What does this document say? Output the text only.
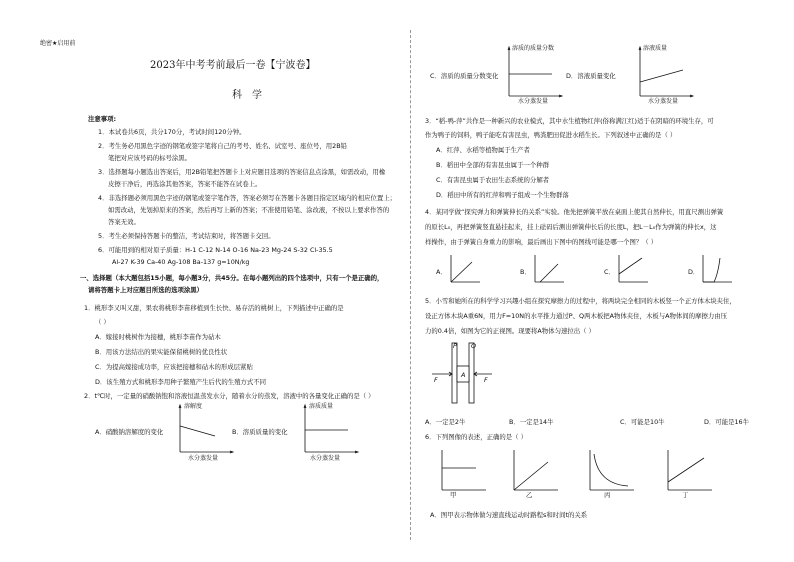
绝密★启用前
2023年中考考前最后一卷【宁波卷】
科学
注意事项:
1．本试卷共6页，共分170分，考试时间120分钟。
2．考生务必用黑色字迹的钢笔或签字笔将自己的考号、姓名、试室号、座位号，用2B铅
笔把对应该号码的标号涂黑。
3．选择题每小题选出答案后，用2B铅笔把答题卡上对应题目选项的答案信息点涂黑，如需改动，用橡
皮擦干净后，再选涂其他答案，答案不能答在试卷上。
4．非选择题必须用黑色字迹的钢笔或签字笔作答，答案必须写在答题卡各题目指定区域内的相应位置上；
如需改动，先划掉原来的答案，然后再写上新的答案；不准使用铅笔、涂改液，不按以上要求作答的
答案无效。
5．考生必须保持答题卡的整洁，考试结束时，将答题卡交回。
6．可能用到的相对原子质量：H-1 C-12 N-14 O-16 Na-23 Mg-24 S-32 Cl-35.5
Al-27 K-39 Ca-40 Ag-108 Ba-137 g=10N/kg
一、选择题（本大题包括15小题，每小题3分，共45分。在每小题列出的四个选项中，只有一个是正确的，
请将答题卡上对应题目所选的选项涂黑）
1．桃形李又叫又甜，果农将桃形李苗移植到生长快、易存活的桃树上，下列描述中正确的是
（ ）
A．嫁接时桃树作为接穗，桃形李苗作为砧木
B．用该方法结出的果实能保留桃树的优良性状
C．为提高嫁接成功率，应该把接穗和砧木的形成层紧贴
D．该生殖方式和桃形李用种子繁殖产生后代的生殖方式不同
2．t℃时，一定量的硝酸钠饱和溶液恒温蒸发水分，随着水分的蒸发，溶液中的各量变化正确的是（ ）
A．硝酸钠溶解度的变化	B．溶质质量的变化
溶解度
水分蒸发量
溶质质量
水分蒸发量
溶质的质量分数
水分蒸发量
溶液质量
水分蒸发量
C．溶质的质量分数变化	D．溶液质量变化
3．“稻-鸭-萍”共作是一种新兴的农业模式，其中水生植物红萍(俗称满江红)适于在阴暗的环境生存，可
作为鸭子的饲料，鸭子能吃有害昆虫，鸭粪肥田促进水稻生长。下列叙述中正确的是（ ）
A．红萍、水稻等植物属于生产者
B．稻田中全部的有害昆虫属于一个种群
C．有害昆虫属于农田生态系统的分解者
D．稻田中所有的红萍和鸭子组成一个生物群落
4．某同学做“探究弹力和弹簧伸长的关系”实验。他先把弹簧平放在桌面上使其自然伸长，用直尺测出弹簧
的原长L₀，再把弹簧竖直悬挂起来，挂上砝码后测出弹簧伸长后的长度L，把L－L₀作为弹簧的伸长x，这
样操作，由于弹簧自身重力的影响，最后画出下图中的图线可能是哪一个图？（ ）
A．	B．	C．	D．
5．小雪和她所在的科学学习兴趣小组在探究摩擦力的过程中，将两块完全相同的木板竖一个正方体木块夹住，
设正方体木块A重6N，用力F=10N的水平推力通过P、Q两木板把A物体夹住，木板与A物体间的摩擦力由压
力的0.4倍，如图为它的正视图。现要将A物体匀速拉出（ ）
P Q
A
F	F
A．一定是2牛	B．一定是14牛	C．可能是10牛	D．可能是16牛
6．下列图像的表述，正确的是（ ）
甲	乙	丙	丁
A．图甲表示物体做匀速直线运动时路程s和时间t的关系
